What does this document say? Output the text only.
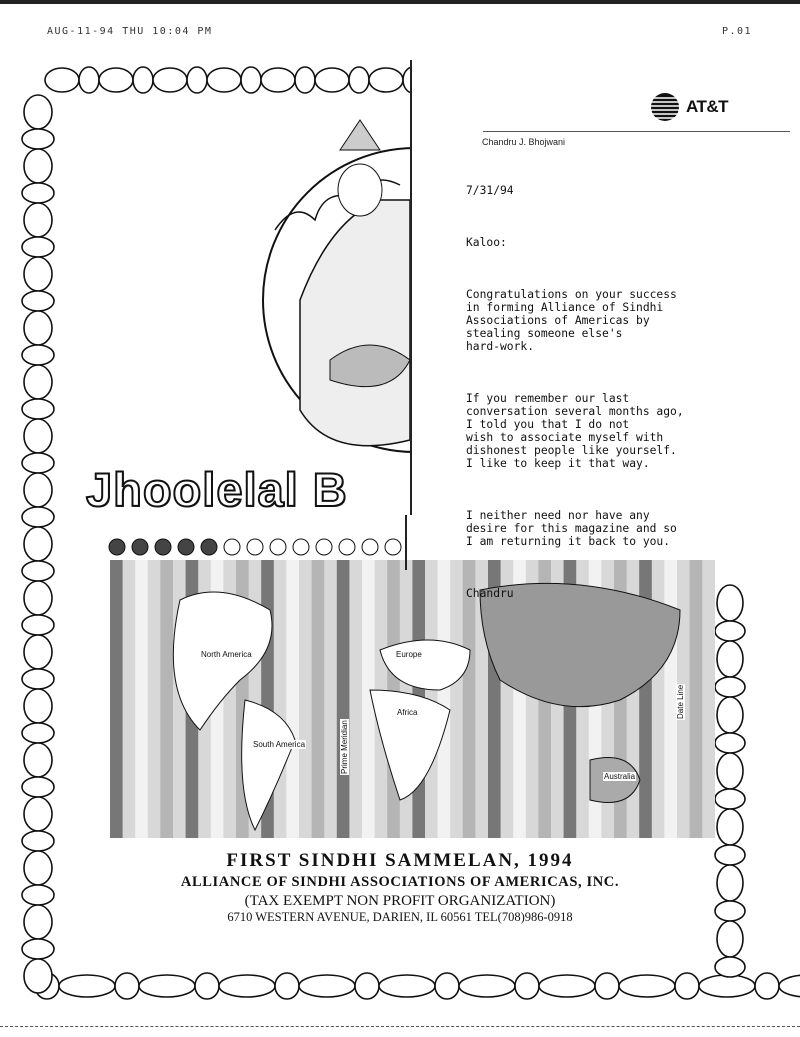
AUG-11-94 THU 10:04 PM	P.01
North America	Europe
Africa
South America	Prime Meridian
Date Line
Australia
Jhoolelal B
AT&T
Chandru J. Bhojwani

7/31/94

Kaloo:

Congratulations on your success
in forming Alliance of Sindhi
Associations of Americas by
stealing someone else's
hard-work.

If you remember our last
conversation several months ago,
I told you that I do not
wish to associate myself with
dishonest people like yourself.
I like to keep it that way.

I neither need nor have any
desire for this magazine and so
I am returning it back to you.

Chandru

FIRST SINDHI SAMMELAN, 1994
ALLIANCE OF SINDHI ASSOCIATIONS OF AMERICAS, INC.
(TAX EXEMPT NON PROFIT ORGANIZATION)
6710 WESTERN AVENUE, DARIEN, IL 60561 TEL(708)986-0918
